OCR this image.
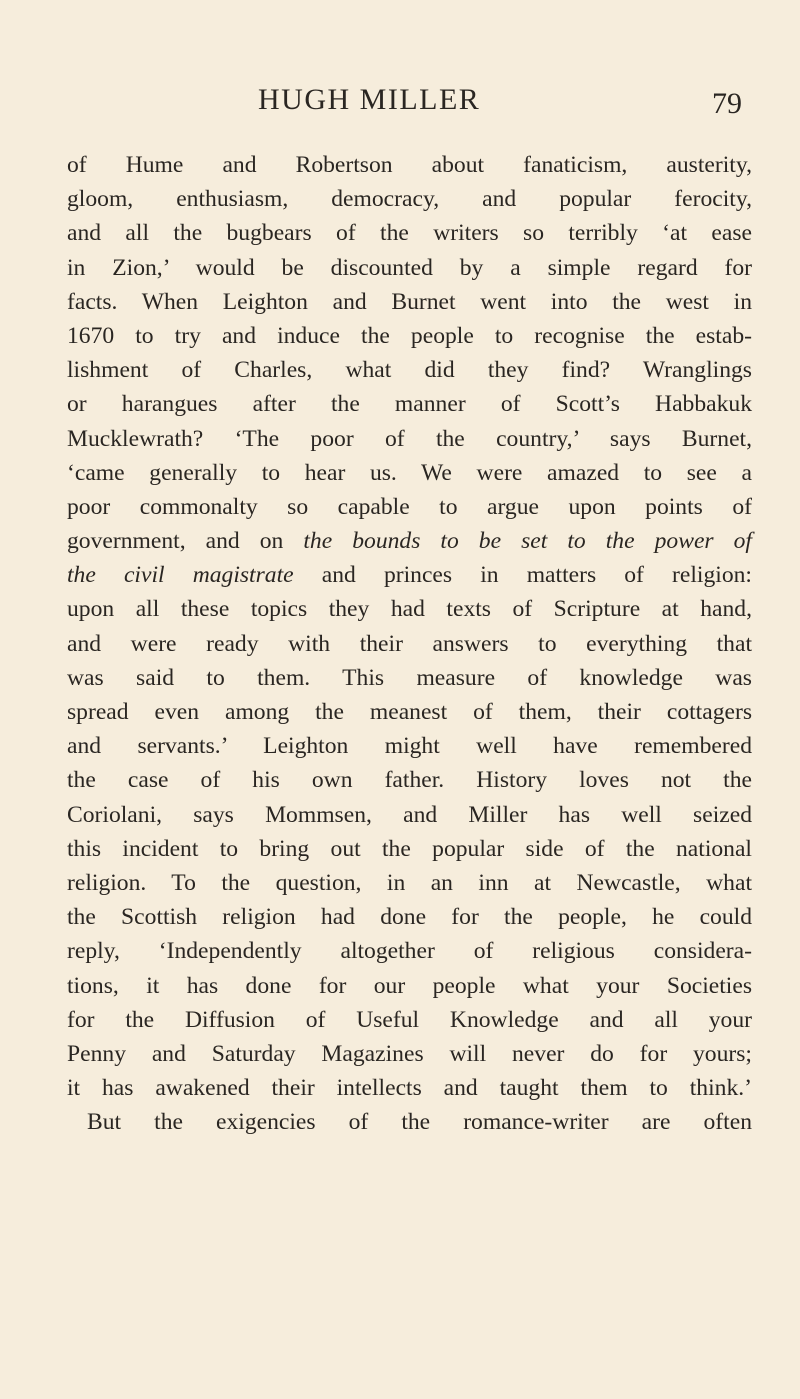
HUGH MILLER	79
of Hume and Robertson about fanaticism, austerity,
gloom, enthusiasm, democracy, and popular ferocity,
and all the bugbears of the writers so terribly ‘at ease
in Zion,’ would be discounted by a simple regard for
facts. When Leighton and Burnet went into the west in
1670 to try and induce the people to recognise the estab-
lishment of Charles, what did they find? Wranglings
or harangues after the manner of Scott’s Habbakuk
Mucklewrath? ‘The poor of the country,’ says Burnet,
‘came generally to hear us. We were amazed to see a
poor commonalty so capable to argue upon points of
government, and on the bounds to be set to the power of
the civil magistrate and princes in matters of religion:
upon all these topics they had texts of Scripture at hand,
and were ready with their answers to everything that
was said to them. This measure of knowledge was
spread even among the meanest of them, their cottagers
and servants.’ Leighton might well have remembered
the case of his own father. History loves not the
Coriolani, says Mommsen, and Miller has well seized
this incident to bring out the popular side of the national
religion. To the question, in an inn at Newcastle, what
the Scottish religion had done for the people, he could
reply, ‘Independently altogether of religious considera-
tions, it has done for our people what your Societies
for the Diffusion of Useful Knowledge and all your
Penny and Saturday Magazines will never do for yours;
it has awakened their intellects and taught them to think.’
But the exigencies of the romance-writer are often
